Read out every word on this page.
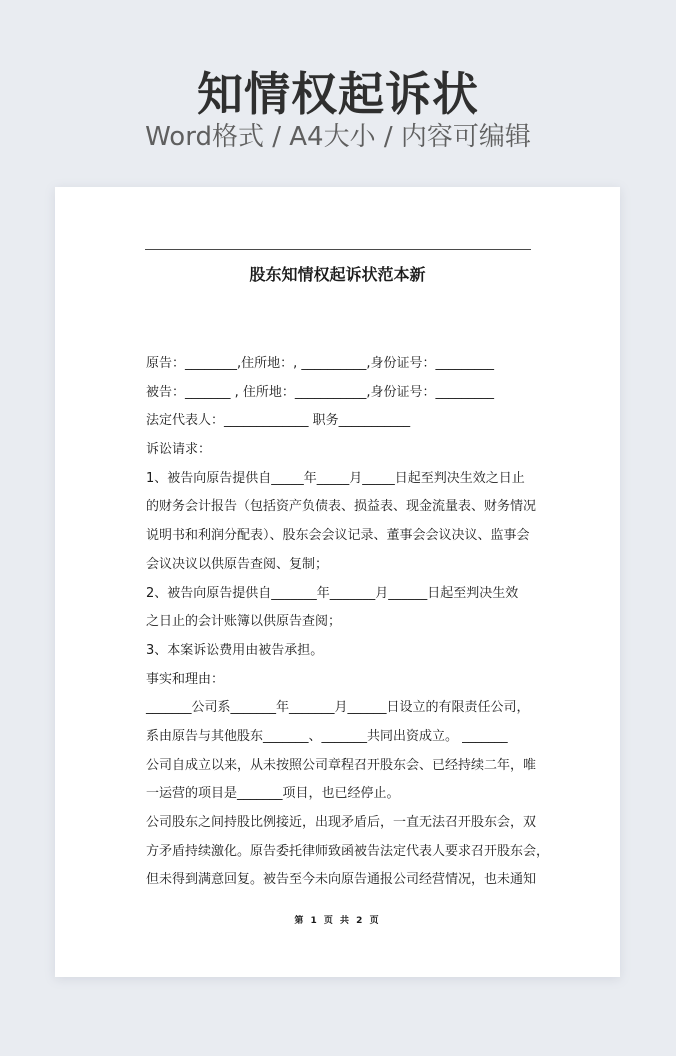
知情权起诉状
Word格式 / A4大小 / 内容可编辑
股东知情权起诉状范本新
原告：________,住所地：, __________,身份证号：_________
被告：_______ , 住所地：___________,身份证号：_________
法定代表人：_____________ 职务___________
诉讼请求：
1、被告向原告提供自_____年_____月_____日起至判决生效之日止
的财务会计报告（包括资产负债表、损益表、现金流量表、财务情况
说明书和利润分配表）、股东会会议记录、董事会会议决议、监事会
会议决议以供原告查阅、复制；
2、被告向原告提供自_______年_______月______日起至判决生效
之日止的会计账簿以供原告查阅；
3、本案诉讼费用由被告承担。
事实和理由：
_______公司系_______年_______月______日设立的有限责任公司，
系由原告与其他股东_______、_______共同出资成立。 _______
公司自成立以来，从未按照公司章程召开股东会、已经持续二年，唯
一运营的项目是_______项目，也已经停止。
公司股东之间持股比例接近，出现矛盾后，一直无法召开股东会，双
方矛盾持续激化。原告委托律师致函被告法定代表人要求召开股东会，
但未得到满意回复。被告至今未向原告通报公司经营情况，也未通知
第 1 页 共 2 页
